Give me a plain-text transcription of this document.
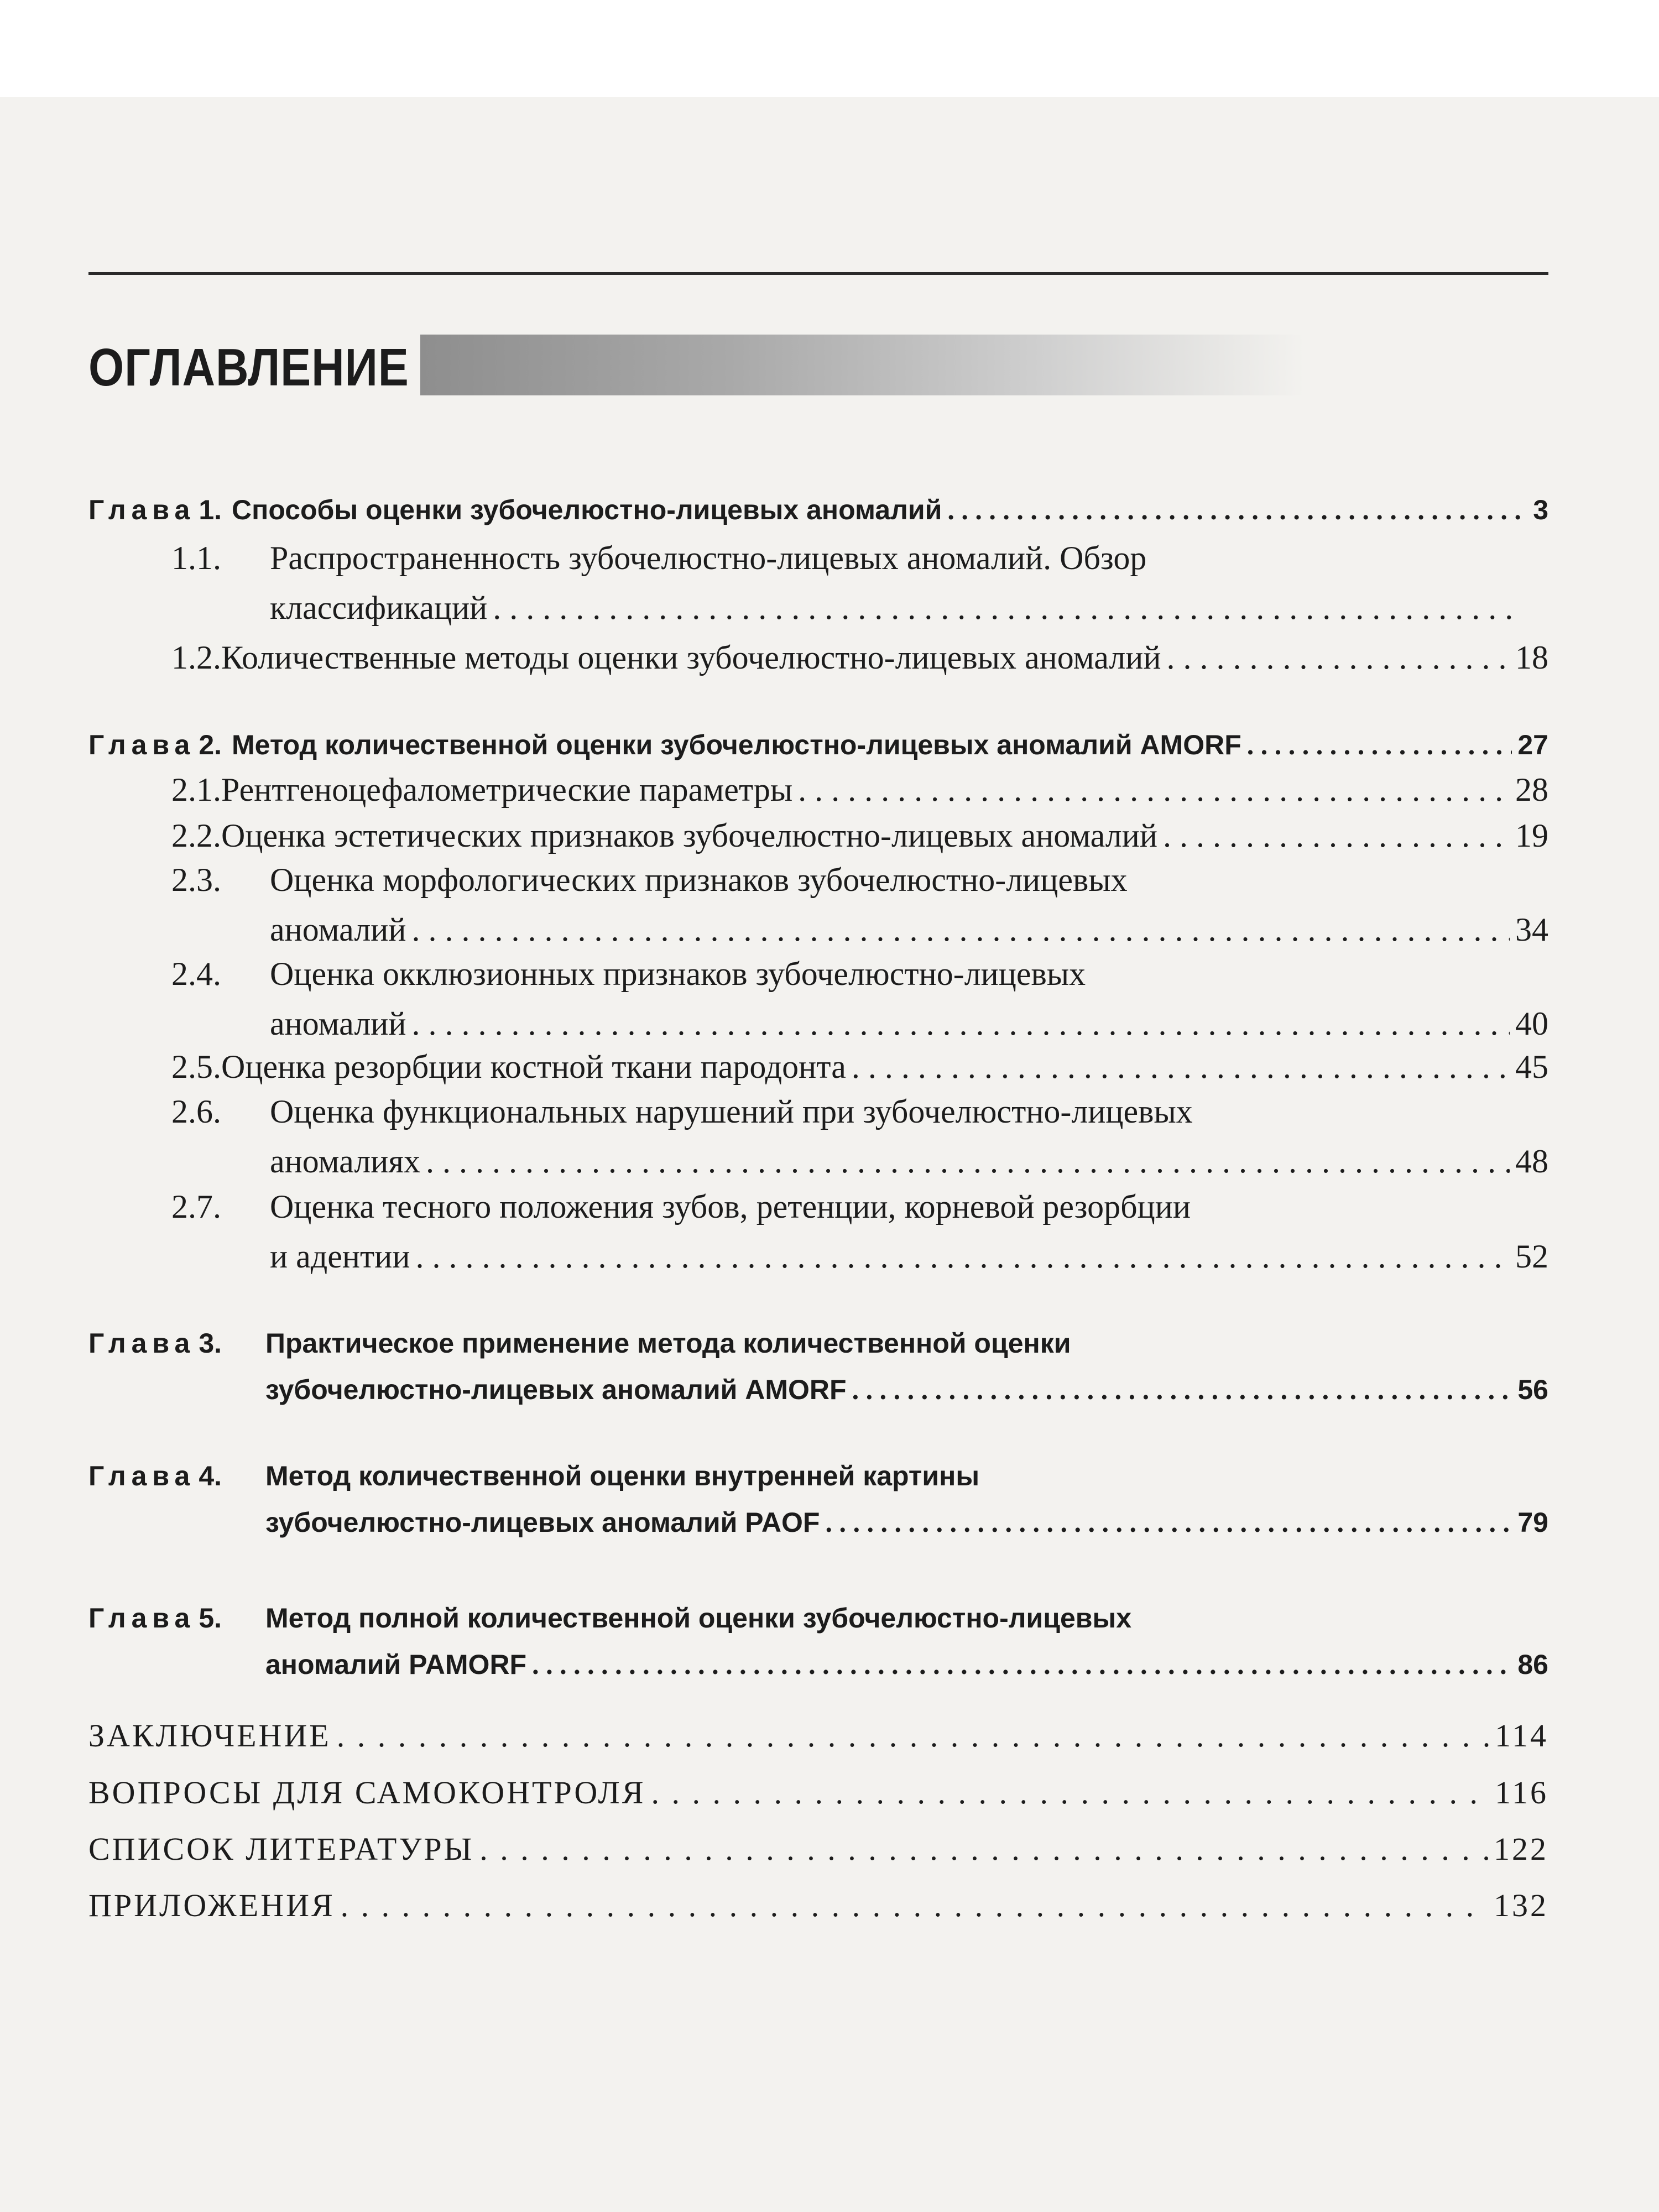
ОГЛАВЛЕНИЕ
Глава 1. Способы оценки зубочелюстно-лицевых аномалий . . .	3
1.1. Распространенность зубочелюстно-лицевых аномалий. Обзор
классификаций
. . .
1.2. Количественные методы оценки зубочелюстно-лицевых аномалий . . .	18
Глава 2. Метод количественной оценки зубочелюстно-лицевых аномалий AMORF . . .	27
2.1. Рентгеноцефалометрические параметры . . .	28
2.2. Оценка эстетических признаков зубочелюстно-лицевых аномалий . . .	19
2.3. Оценка морфологических признаков зубочелюстно-лицевых
аномалий . . .	34
2.4. Оценка окклюзионных признаков зубочелюстно-лицевых
аномалий . . .	40
2.5. Оценка резорбции костной ткани пародонта . . .	45
2.6. Оценка функциональных нарушений при зубочелюстно-лицевых
аномалиях . . .	48
2.7. Оценка тесного положения зубов, ретенции, корневой резорбции
и адентии . . .	52
Глава 3. Практическое применение метода количественной оценки
зубочелюстно-лицевых аномалий AMORF . . .	56
Глава 4. Метод количественной оценки внутренней картины
зубочелюстно-лицевых аномалий PAOF . . .	79
Глава 5. Метод полной количественной оценки зубочелюстно-лицевых
аномалий PAMORF . . .	86
ЗАКЛЮЧЕНИЕ . . .	114
ВОПРОСЫ ДЛЯ САМОКОНТРОЛЯ . . .	116
СПИСОК ЛИТЕРАТУРЫ . . .	122
ПРИЛОЖЕНИЯ . . .	132
